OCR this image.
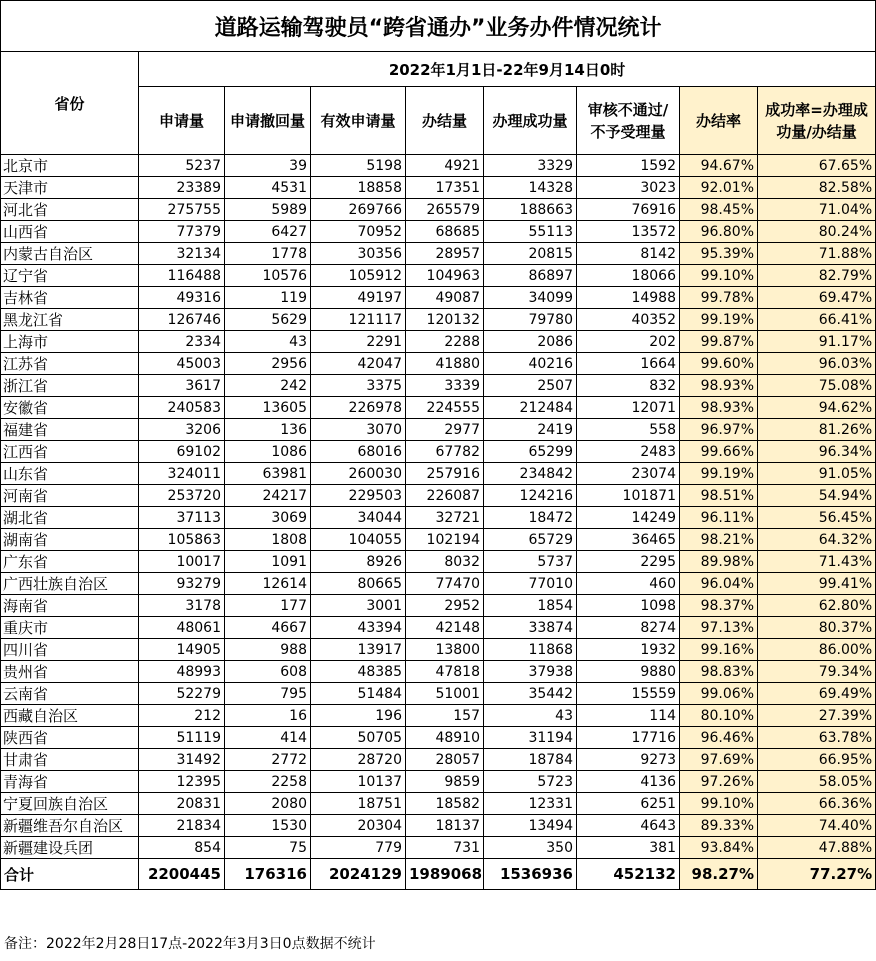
道路运输驾驶员“跨省通办”业务办件情况统计								
省份	2022年1月1日-22年9月14日0时							
	申请量	申请撤回量	有效申请量	办结量	办理成功量	审核不通过/不予受理量	办结率	成功率=办理成功量/办结量
北京市	5237	39	5198	4921	3329	1592	94.67%	67.65%
天津市	23389	4531	18858	17351	14328	3023	92.01%	82.58%
河北省	275755	5989	269766	265579	188663	76916	98.45%	71.04%
山西省	77379	6427	70952	68685	55113	13572	96.80%	80.24%
内蒙古自治区	32134	1778	30356	28957	20815	8142	95.39%	71.88%
辽宁省	116488	10576	105912	104963	86897	18066	99.10%	82.79%
吉林省	49316	119	49197	49087	34099	14988	99.78%	69.47%
黑龙江省	126746	5629	121117	120132	79780	40352	99.19%	66.41%
上海市	2334	43	2291	2288	2086	202	99.87%	91.17%
江苏省	45003	2956	42047	41880	40216	1664	99.60%	96.03%
浙江省	3617	242	3375	3339	2507	832	98.93%	75.08%
安徽省	240583	13605	226978	224555	212484	12071	98.93%	94.62%
福建省	3206	136	3070	2977	2419	558	96.97%	81.26%
江西省	69102	1086	68016	67782	65299	2483	99.66%	96.34%
山东省	324011	63981	260030	257916	234842	23074	99.19%	91.05%
河南省	253720	24217	229503	226087	124216	101871	98.51%	54.94%
湖北省	37113	3069	34044	32721	18472	14249	96.11%	56.45%
湖南省	105863	1808	104055	102194	65729	36465	98.21%	64.32%
广东省	10017	1091	8926	8032	5737	2295	89.98%	71.43%
广西壮族自治区	93279	12614	80665	77470	77010	460	96.04%	99.41%
海南省	3178	177	3001	2952	1854	1098	98.37%	62.80%
重庆市	48061	4667	43394	42148	33874	8274	97.13%	80.37%
四川省	14905	988	13917	13800	11868	1932	99.16%	86.00%
贵州省	48993	608	48385	47818	37938	9880	98.83%	79.34%
云南省	52279	795	51484	51001	35442	15559	99.06%	69.49%
西藏自治区	212	16	196	157	43	114	80.10%	27.39%
陕西省	51119	414	50705	48910	31194	17716	96.46%	63.78%
甘肃省	31492	2772	28720	28057	18784	9273	97.69%	66.95%
青海省	12395	2258	10137	9859	5723	4136	97.26%	58.05%
宁夏回族自治区	20831	2080	18751	18582	12331	6251	99.10%	66.36%
新疆维吾尔自治区	21834	1530	20304	18137	13494	4643	89.33%	74.40%
新疆建设兵团	854	75	779	731	350	381	93.84%	47.88%
合计	2200445	176316	2024129	1989068	1536936	452132	98.27%	77.27%
备注：2022年2月28日17点-2022年3月3日0点数据不统计
